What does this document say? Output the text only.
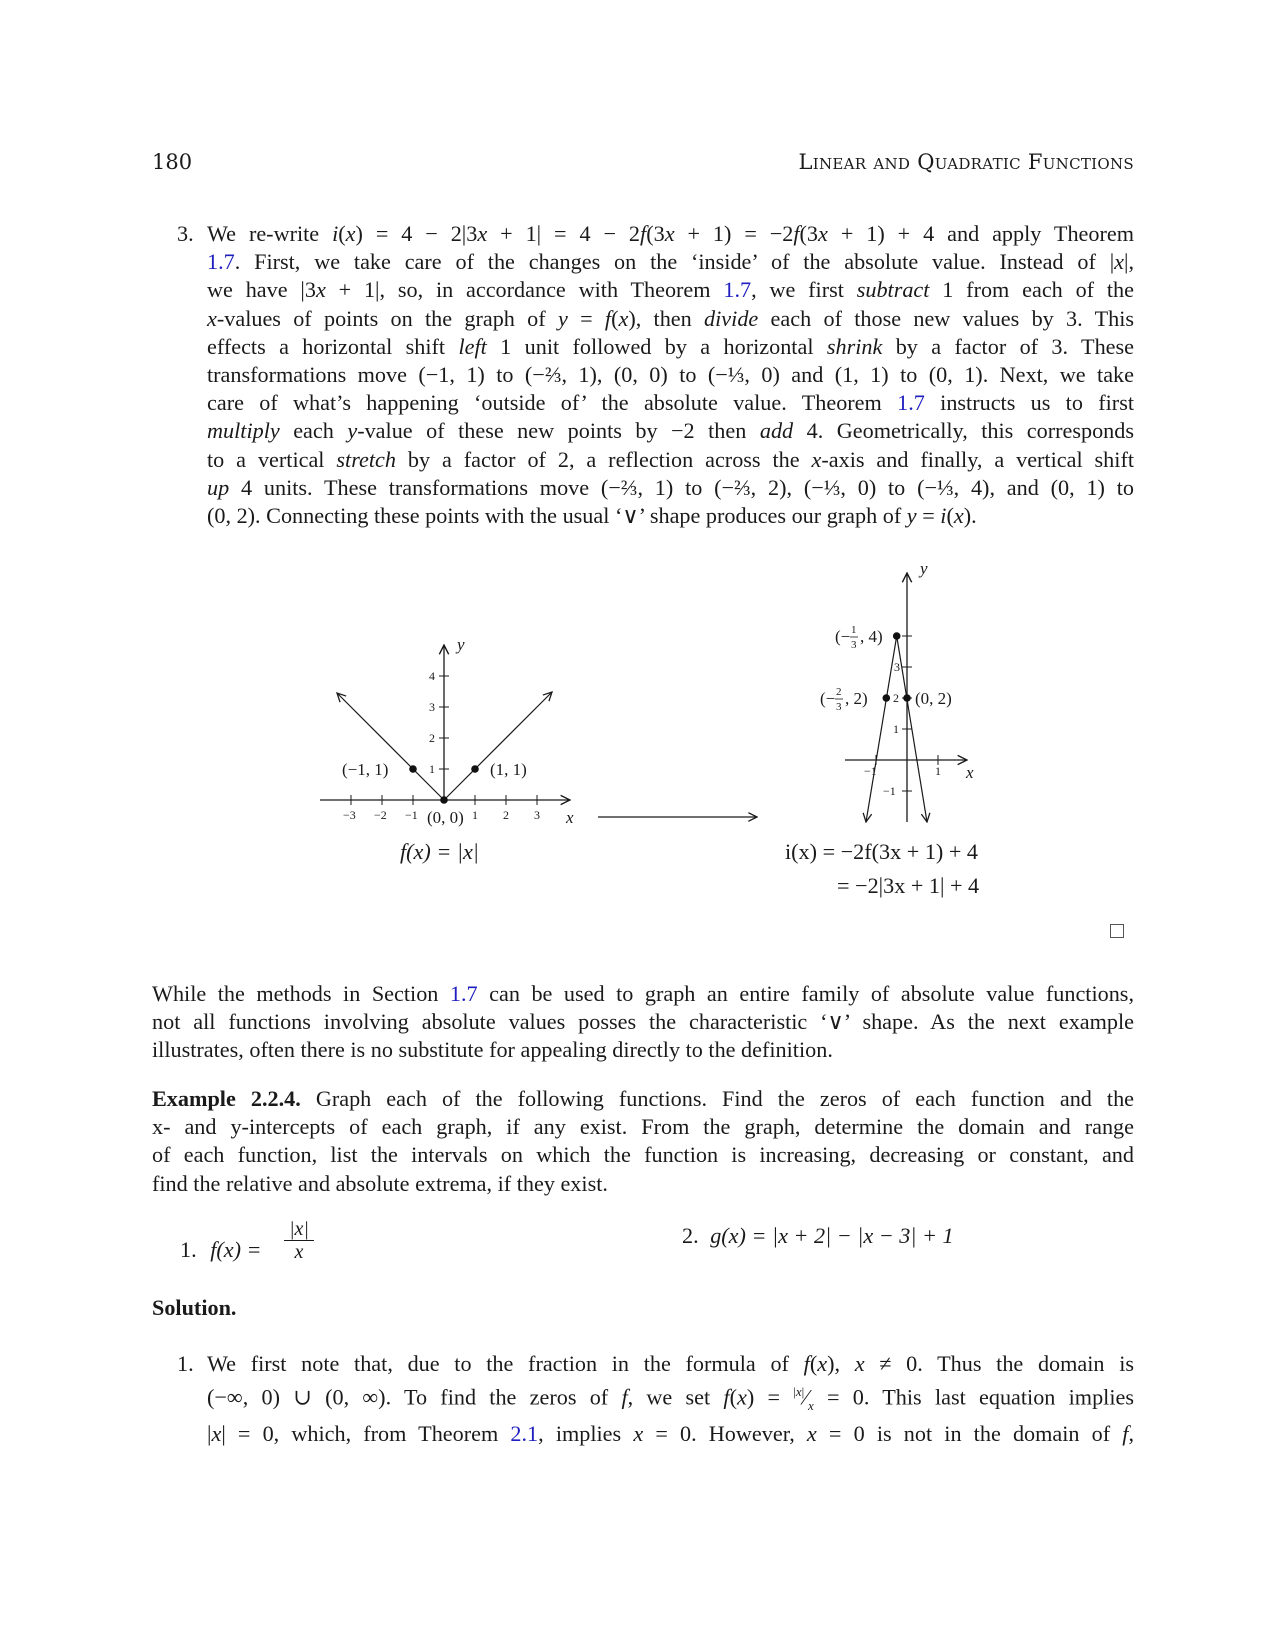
180	Linear and Quadratic Functions
3. We re-write i(x) = 4 − 2|3x + 1| = 4 − 2f(3x + 1) = −2f(3x + 1) + 4 and apply Theorem
1.7. First, we take care of the changes on the ‘inside’ of the absolute value. Instead of |x|,
we have |3x + 1|, so, in accordance with Theorem 1.7, we first subtract 1 from each of the
x-values of points on the graph of y = f(x), then divide each of those new values by 3. This
effects a horizontal shift left 1 unit followed by a horizontal shrink by a factor of 3. These
transformations move (−1, 1) to (−⅔, 1), (0, 0) to (−⅓, 0) and (1, 1) to (0, 1). Next, we take
care of what’s happening ‘outside of’ the absolute value. Theorem 1.7 instructs us to first
multiply each y-value of these new points by −2 then add 4. Geometrically, this corresponds
to a vertical stretch by a factor of 2, a reflection across the x-axis and finally, a vertical shift
up 4 units. These transformations move (−⅔, 1) to (−⅔, 2), (−⅓, 0) to (−⅓, 4), and (0, 1) to
(0, 2). Connecting these points with the usual ‘∨’ shape produces our graph of y = i(x).
−3 −2 −1	1 2 3
1
2
3
4
x
y
(−1, 1)	(1, 1)
(0, 0)
−1	1
−1
1
2
3
x
y
(− 1
3 , 4)
(− 2
3 , 2)	(0, 2)
f(x) = |x|	i(x) = −2f(3x + 1) + 4
= −2|3x + 1| + 4
While the methods in Section 1.7 can be used to graph an entire family of absolute value functions,
not all functions involving absolute values posses the characteristic ‘∨’ shape. As the next example
illustrates, often there is no substitute for appealing directly to the definition.
Example 2.2.4. Graph each of the following functions. Find the zeros of each function and the
x- and y-intercepts of each graph, if any exist. From the graph, determine the domain and range
of each function, list the intervals on which the function is increasing, decreasing or constant, and
find the relative and absolute extrema, if they exist.
1. f(x) =
|x|
x
2. g(x) = |x + 2| − |x − 3| + 1
Solution.
1. We first note that, due to the fraction in the formula of f(x), x ≠ 0. Thus the domain is
(−∞, 0) ∪ (0, ∞). To find the zeros of f, we set $f(x) = ^{|x|}⁄_x = 0$. This last equation implies
|x| = 0, which, from Theorem 2.1, implies x = 0. However, x = 0 is not in the domain of f,
